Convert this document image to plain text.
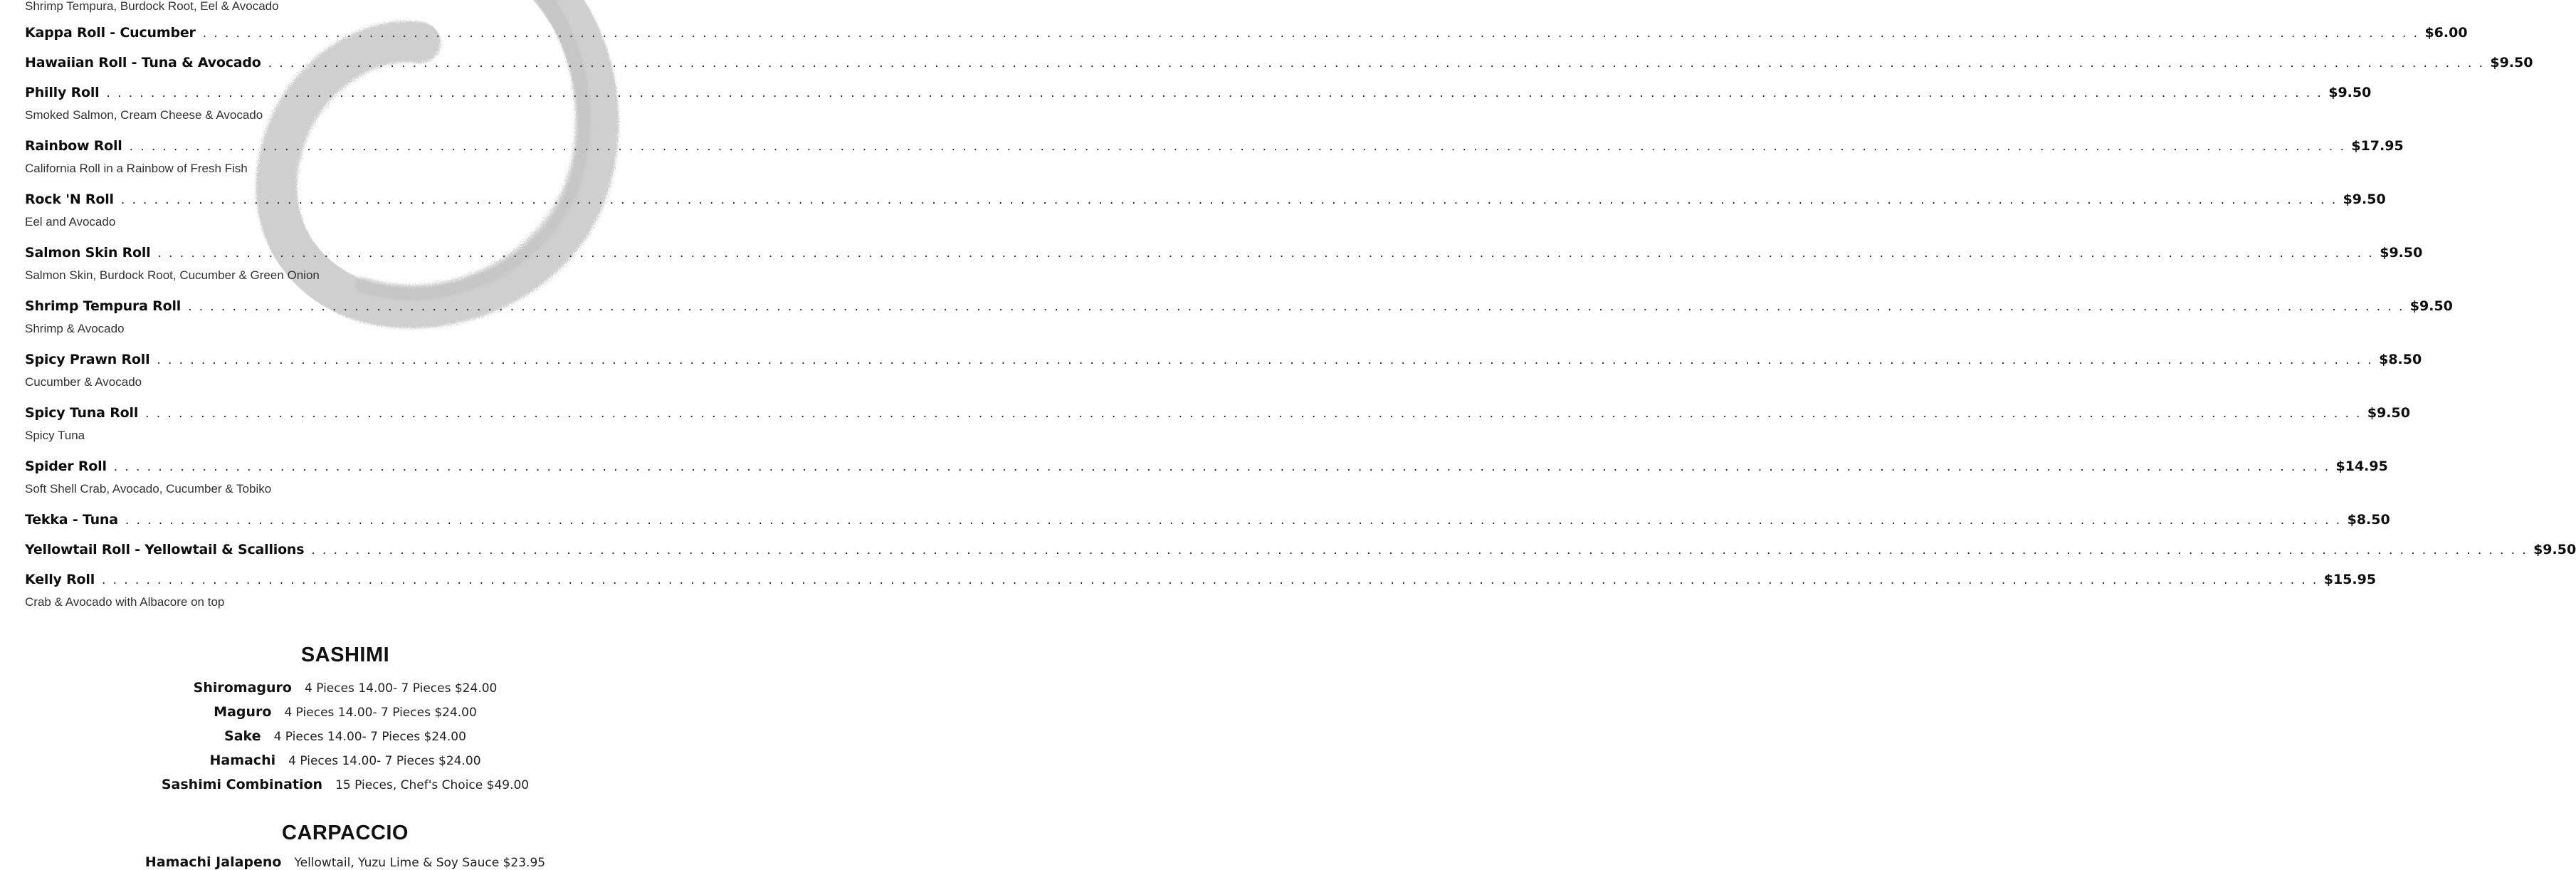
Shrimp Tempura, Burdock Root, Eel & Avocado
Kappa Roll - Cucumber . . . . . . . . . . . . . . . . . . . . . . . . . . . . . . . . . . . . . . . . . . . . . . . . . . . . . . . . . . . . . . . . . . . . . . . . . . . . . . . . . . . . . . . . . . . . . . . . . . . . . . . . . . . . . . . . . . . . . . . . . . . . . . . . . . . . . . . . . . . . . . . . . . . . . . . . . . . . . . . . . . . . . . . . . . . . . . . . . . . . . . . . . . . . . . . . . . . . . . . . $6.00
Hawaiian Roll - Tuna & Avocado . . . . . . . . . . . . . . . . . . . . . . . . . . . . . . . . . . . . . . . . . . . . . . . . . . . . . . . . . . . . . . . . . . . . . . . . . . . . . . . . . . . . . . . . . . . . . . . . . . . . . . . . . . . . . . . . . . . . . . . . . . . . . . . . . . . . . . . . . . . . . . . . . . . . . . . . . . . . . . . . . . . . . . . . . . . . . . . . . . . . . . . . . . . . . . . . . . . . . . . . $9.50
Philly Roll . . . . . . . . . . . . . . . . . . . . . . . . . . . . . . . . . . . . . . . . . . . . . . . . . . . . . . . . . . . . . . . . . . . . . . . . . . . . . . . . . . . . . . . . . . . . . . . . . . . . . . . . . . . . . . . . . . . . . . . . . . . . . . . . . . . . . . . . . . . . . . . . . . . . . . . . . . . . . . . . . . . . . . . . . . . . . . . . . . . . . . . . . . . . . . . . . . . . . . . . $9.50
Smoked Salmon, Cream Cheese & Avocado
Rainbow Roll . . . . . . . . . . . . . . . . . . . . . . . . . . . . . . . . . . . . . . . . . . . . . . . . . . . . . . . . . . . . . . . . . . . . . . . . . . . . . . . . . . . . . . . . . . . . . . . . . . . . . . . . . . . . . . . . . . . . . . . . . . . . . . . . . . . . . . . . . . . . . . . . . . . . . . . . . . . . . . . . . . . . . . . . . . . . . . . . . . . . . . . . . . . . . . . . . . . . . . . . $17.95
California Roll in a Rainbow of Fresh Fish
Rock 'N Roll . . . . . . . . . . . . . . . . . . . . . . . . . . . . . . . . . . . . . . . . . . . . . . . . . . . . . . . . . . . . . . . . . . . . . . . . . . . . . . . . . . . . . . . . . . . . . . . . . . . . . . . . . . . . . . . . . . . . . . . . . . . . . . . . . . . . . . . . . . . . . . . . . . . . . . . . . . . . . . . . . . . . . . . . . . . . . . . . . . . . . . . . . . . . . . . . . . . . . . . . $9.50
Eel and Avocado
Salmon Skin Roll . . . . . . . . . . . . . . . . . . . . . . . . . . . . . . . . . . . . . . . . . . . . . . . . . . . . . . . . . . . . . . . . . . . . . . . . . . . . . . . . . . . . . . . . . . . . . . . . . . . . . . . . . . . . . . . . . . . . . . . . . . . . . . . . . . . . . . . . . . . . . . . . . . . . . . . . . . . . . . . . . . . . . . . . . . . . . . . . . . . . . . . . . . . . . . . . . . . . . . . . $9.50
Salmon Skin, Burdock Root, Cucumber & Green Onion
Shrimp Tempura Roll . . . . . . . . . . . . . . . . . . . . . . . . . . . . . . . . . . . . . . . . . . . . . . . . . . . . . . . . . . . . . . . . . . . . . . . . . . . . . . . . . . . . . . . . . . . . . . . . . . . . . . . . . . . . . . . . . . . . . . . . . . . . . . . . . . . . . . . . . . . . . . . . . . . . . . . . . . . . . . . . . . . . . . . . . . . . . . . . . . . . . . . . . . . . . . . . . . . . . . . . $9.50
Shrimp & Avocado
Spicy Prawn Roll . . . . . . . . . . . . . . . . . . . . . . . . . . . . . . . . . . . . . . . . . . . . . . . . . . . . . . . . . . . . . . . . . . . . . . . . . . . . . . . . . . . . . . . . . . . . . . . . . . . . . . . . . . . . . . . . . . . . . . . . . . . . . . . . . . . . . . . . . . . . . . . . . . . . . . . . . . . . . . . . . . . . . . . . . . . . . . . . . . . . . . . . . . . . . . . . . . . . . . . . $8.50
Cucumber & Avocado
Spicy Tuna Roll . . . . . . . . . . . . . . . . . . . . . . . . . . . . . . . . . . . . . . . . . . . . . . . . . . . . . . . . . . . . . . . . . . . . . . . . . . . . . . . . . . . . . . . . . . . . . . . . . . . . . . . . . . . . . . . . . . . . . . . . . . . . . . . . . . . . . . . . . . . . . . . . . . . . . . . . . . . . . . . . . . . . . . . . . . . . . . . . . . . . . . . . . . . . . . . . . . . . . . . . $9.50
Spicy Tuna
Spider Roll . . . . . . . . . . . . . . . . . . . . . . . . . . . . . . . . . . . . . . . . . . . . . . . . . . . . . . . . . . . . . . . . . . . . . . . . . . . . . . . . . . . . . . . . . . . . . . . . . . . . . . . . . . . . . . . . . . . . . . . . . . . . . . . . . . . . . . . . . . . . . . . . . . . . . . . . . . . . . . . . . . . . . . . . . . . . . . . . . . . . . . . . . . . . . . . . . . . . . . . . $14.95
Soft Shell Crab, Avocado, Cucumber & Tobiko
Tekka - Tuna . . . . . . . . . . . . . . . . . . . . . . . . . . . . . . . . . . . . . . . . . . . . . . . . . . . . . . . . . . . . . . . . . . . . . . . . . . . . . . . . . . . . . . . . . . . . . . . . . . . . . . . . . . . . . . . . . . . . . . . . . . . . . . . . . . . . . . . . . . . . . . . . . . . . . . . . . . . . . . . . . . . . . . . . . . . . . . . . . . . . . . . . . . . . . . . . . . . . . . . . $8.50
Yellowtail Roll - Yellowtail & Scallions . . . . . . . . . . . . . . . . . . . . . . . . . . . . . . . . . . . . . . . . . . . . . . . . . . . . . . . . . . . . . . . . . . . . . . . . . . . . . . . . . . . . . . . . . . . . . . . . . . . . . . . . . . . . . . . . . . . . . . . . . . . . . . . . . . . . . . . . . . . . . . . . . . . . . . . . . . . . . . . . . . . . . . . . . . . . . . . . . . . . . . . . . . . . . . . . . . . . . . . . $9.50
Kelly Roll . . . . . . . . . . . . . . . . . . . . . . . . . . . . . . . . . . . . . . . . . . . . . . . . . . . . . . . . . . . . . . . . . . . . . . . . . . . . . . . . . . . . . . . . . . . . . . . . . . . . . . . . . . . . . . . . . . . . . . . . . . . . . . . . . . . . . . . . . . . . . . . . . . . . . . . . . . . . . . . . . . . . . . . . . . . . . . . . . . . . . . . . . . . . . . . . . . . . . . . . $15.95
Crab & Avocado with Albacore on top
SASHIMI
Shiromaguro 4 Pieces 14.00- 7 Pieces $24.00
Maguro 4 Pieces 14.00- 7 Pieces $24.00
Sake 4 Pieces 14.00- 7 Pieces $24.00
Hamachi 4 Pieces 14.00- 7 Pieces $24.00
Sashimi Combination 15 Pieces, Chef's Choice $49.00
CARPACCIO
Hamachi Jalapeno Yellowtail, Yuzu Lime & Soy Sauce $23.95
